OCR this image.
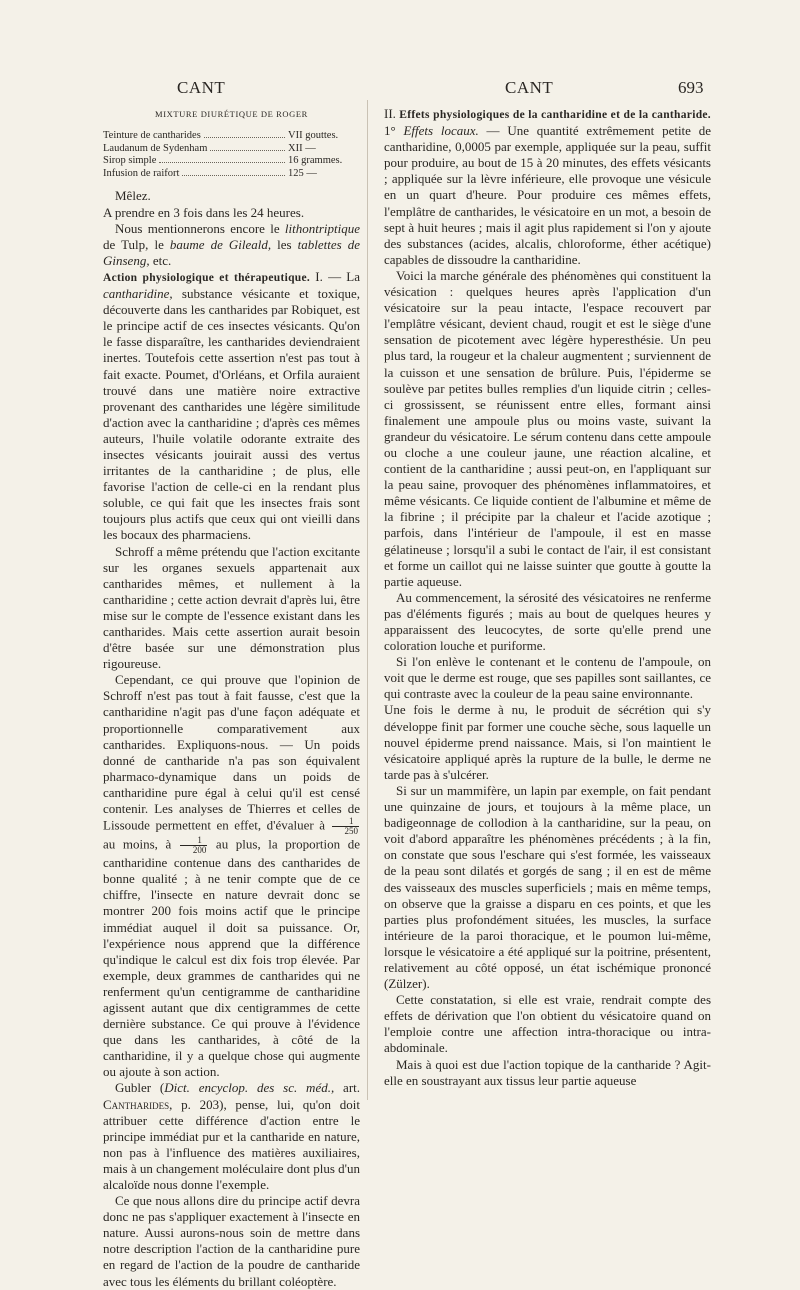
CANT	CANT	693
MIXTURE DIURÉTIQUE DE ROGER
Teinture de cantharides	VII gouttes.
Laudanum de Sydenham	XII —
Sirop simple	16 grammes.
Infusion de raifort	125 —

Mêlez.

A prendre en 3 fois dans les 24 heures.

Nous mentionnerons encore le lithontriptique de Tulp, le baume de Gileald, les tablettes de Ginseng, etc.

Action physiologique et thérapeutique. I. — La cantharidine, substance vésicante et toxique, découverte dans les cantharides par Robiquet, est le principe actif de ces insectes vésicants. Qu'on le fasse disparaître, les cantharides deviendraient inertes. Toutefois cette assertion n'est pas tout à fait exacte. Poumet, d'Orléans, et Orfila auraient trouvé dans une matière noire extractive provenant des cantharides une légère similitude d'action avec la cantharidine ; d'après ces mêmes auteurs, l'huile volatile odorante extraite des insectes vésicants jouirait aussi des vertus irritantes de la cantharidine ; de plus, elle favorise l'action de celle-ci en la rendant plus soluble, ce qui fait que les insectes frais sont toujours plus actifs que ceux qui ont vieilli dans les bocaux des pharmaciens.

Schroff a même prétendu que l'action excitante sur les organes sexuels appartenait aux cantharides mêmes, et nullement à la cantharidine ; cette action devrait d'après lui, être mise sur le compte de l'essence existant dans les cantharides. Mais cette assertion aurait besoin d'être basée sur une démonstration plus rigoureuse.

Cependant, ce qui prouve que l'opinion de Schroff n'est pas tout à fait fausse, c'est que la cantharidine n'agit pas d'une façon adéquate et proportionnelle comparativement aux cantharides. Expliquons-nous. — Un poids donné de cantharide n'a pas son équivalent pharmaco-dynamique dans un poids de cantharidine pure égal à celui qu'il est censé contenir. Les analyses de Thierres et celles de Lissoude permettent en effet, d'évaluer à $\frac{1}{250}$
au moins, à $\frac{1}{200}$ au plus, la proportion de cantharidine contenue dans des cantharides de bonne qualité ; à ne tenir compte que de ce chiffre, l'insecte en nature devrait donc se montrer 200 fois moins actif que le principe immédiat auquel il doit sa puissance. Or, l'expérience nous apprend que la différence qu'indique le calcul est dix fois trop élevée. Par exemple, deux grammes de cantharides qui ne renferment qu'un centigramme de cantharidine agissent autant que dix centigrammes de cette dernière substance. Ce qui prouve à l'évidence que dans les cantharides, à côté de la cantharidine, il y a quelque chose qui augmente ou ajoute à son action.

Gubler (Dict. encyclop. des sc. méd., art. Cantharides, p. 203), pense, lui, qu'on doit attribuer cette différence d'action entre le principe immédiat pur et la cantharide en nature, non pas à l'influence des matières auxiliaires, mais à un changement moléculaire dont plus d'un alcaloïde nous donne l'exemple.

Ce que nous allons dire du principe actif devra donc ne pas s'appliquer exactement à l'insecte en nature. Aussi aurons-nous soin de mettre dans notre description l'action de la cantharidine pure en regard de l'action de la poudre de cantharide avec tous les éléments du brillant coléoptère.

II. Effets physiologiques de la cantharidine et de la cantharide. 1° Effets locaux. — Une quantité extrêmement petite de cantharidine, 0,0005 par exemple, appliquée sur la peau, suffit pour produire, au bout de 15 à 20 minutes, des effets vésicants ; appliquée sur la lèvre inférieure, elle provoque une vésicule en un quart d'heure. Pour produire ces mêmes effets, l'emplâtre de cantharides, le vésicatoire en un mot, a besoin de sept à huit heures ; mais il agit plus rapidement si l'on y ajoute des substances (acides, alcalis, chloroforme, éther acétique) capables de dissoudre la cantharidine.

Voici la marche générale des phénomènes qui constituent la vésication : quelques heures après l'application d'un vésicatoire sur la peau intacte, l'espace recouvert par l'emplâtre vésicant, devient chaud, rougit et est le siège d'une sensation de picotement avec légère hyperesthésie. Un peu plus tard, la rougeur et la chaleur augmentent ; surviennent de la cuisson et une sensation de brûlure. Puis, l'épiderme se soulève par petites bulles remplies d'un liquide citrin ; celles-ci grossissent, se réunissent entre elles, formant ainsi finalement une ampoule plus ou moins vaste, suivant la grandeur du vésicatoire. Le sérum contenu dans cette ampoule ou cloche a une couleur jaune, une réaction alcaline, et contient de la cantharidine ; aussi peut-on, en l'appliquant sur la peau saine, provoquer des phénomènes inflammatoires, et même vésicants. Ce liquide contient de l'albumine et même de la fibrine ; il précipite par la chaleur et l'acide azotique ; parfois, dans l'intérieur de l'ampoule, il est en masse gélatineuse ; lorsqu'il a subi le contact de l'air, il est consistant et forme un caillot qui ne laisse suinter que goutte à goutte la partie aqueuse.

Au commencement, la sérosité des vésicatoires ne renferme pas d'éléments figurés ; mais au bout de quelques heures y apparaissent des leucocytes, de sorte qu'elle prend une coloration louche et puriforme.

Si l'on enlève le contenant et le contenu de l'ampoule, on voit que le derme est rouge, que ses papilles sont saillantes, ce qui contraste avec la couleur de la peau saine environnante.

Une fois le derme à nu, le produit de sécrétion qui s'y développe finit par former une couche sèche, sous laquelle un nouvel épiderme prend naissance. Mais, si l'on maintient le vésicatoire appliqué après la rupture de la bulle, le derme ne tarde pas à s'ulcérer.

Si sur un mammifère, un lapin par exemple, on fait pendant une quinzaine de jours, et toujours à la même place, un badigeonnage de collodion à la cantharidine, sur la peau, on voit d'abord apparaître les phénomènes précédents ; à la fin, on constate que sous l'eschare qui s'est formée, les vaisseaux de la peau sont dilatés et gorgés de sang ; il en est de même des vaisseaux des muscles superficiels ; mais en même temps, on observe que la graisse a disparu en ces points, et que les parties plus profondément situées, les muscles, la surface intérieure de la paroi thoracique, et le poumon lui-même, lorsque le vésicatoire a été appliqué sur la poitrine, présentent, relativement au côté opposé, un état ischémique prononcé (Zülzer).

Cette constatation, si elle est vraie, rendrait compte des effets de dérivation que l'on obtient du vésicatoire quand on l'emploie contre une affection intra-thoracique ou intra-abdominale.

Mais à quoi est due l'action topique de la cantharide ? Agit-elle en soustrayant aux tissus leur partie aqueuse
